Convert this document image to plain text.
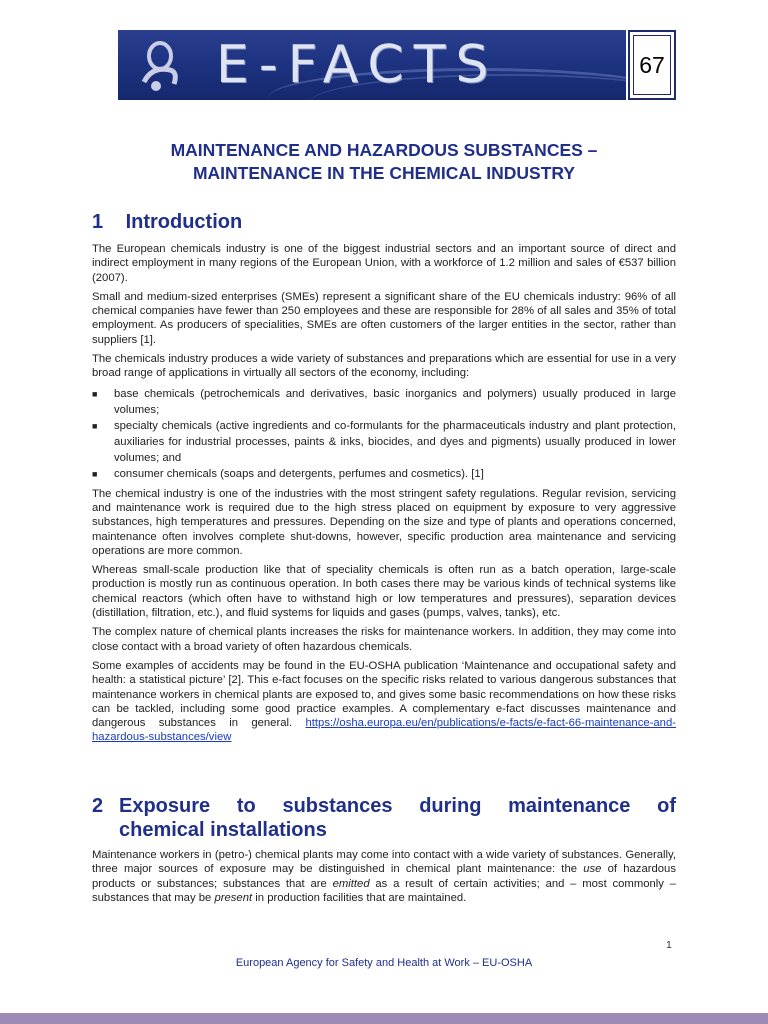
E-FACTS	67
MAINTENANCE AND HAZARDOUS SUBSTANCES –
MAINTENANCE IN THE CHEMICAL INDUSTRY
1 Introduction

The European chemicals industry is one of the biggest industrial sectors and an important source of direct and indirect employment in many regions of the European Union, with a workforce of 1.2 million and sales of €537 billion (2007).

Small and medium-sized enterprises (SMEs) represent a significant share of the EU chemicals industry: 96% of all chemical companies have fewer than 250 employees and these are responsible for 28% of all sales and 35% of total employment. As producers of specialities, SMEs are often customers of the larger entities in the sector, rather than suppliers [1].

The chemicals industry produces a wide variety of substances and preparations which are essential for use in a very broad range of applications in virtually all sectors of the economy, including:

■ base chemicals (petrochemicals and derivatives, basic inorganics and polymers) usually produced in large volumes;
■ specialty chemicals (active ingredients and co-formulants for the pharmaceuticals industry and plant protection, auxiliaries for industrial processes, paints & inks, biocides, and dyes and pigments) usually produced in lower volumes; and
■ consumer chemicals (soaps and detergents, perfumes and cosmetics). [1]

The chemical industry is one of the industries with the most stringent safety regulations. Regular revision, servicing and maintenance work is required due to the high stress placed on equipment by exposure to very aggressive substances, high temperatures and pressures. Depending on the size and type of plants and operations concerned, maintenance often involves complete shut-downs, however, specific production area maintenance and servicing operations are more common.

Whereas small-scale production like that of speciality chemicals is often run as a batch operation, large-scale production is mostly run as continuous operation. In both cases there may be various kinds of technical systems like chemical reactors (which often have to withstand high or low temperatures and pressures), separation devices (distillation, filtration, etc.), and fluid systems for liquids and gases (pumps, valves, tanks), etc.

The complex nature of chemical plants increases the risks for maintenance workers. In addition, they may come into close contact with a broad variety of often hazardous chemicals.

Some examples of accidents may be found in the EU-OSHA publication ‘Maintenance and occupational safety and health: a statistical picture’ [2]. This e-fact focuses on the specific risks related to various dangerous substances that maintenance workers in chemical plants are exposed to, and gives some basic recommendations on how these risks can be tackled, including some good practice examples. A complementary e-fact discusses maintenance and dangerous substances in general. https://osha.europa.eu/en/publications/e-facts/e-fact-66-maintenance-and-hazardous-substances/view

2 Exposure to substances during maintenance of
chemical installations

Maintenance workers in (petro-) chemical plants may come into contact with a wide variety of substances. Generally, three major sources of exposure may be distinguished in chemical plant maintenance: the use of hazardous products or substances; substances that are emitted as a result of certain activities; and – most commonly – substances that may be present in production facilities that are maintained.

1
European Agency for Safety and Health at Work – EU-OSHA
